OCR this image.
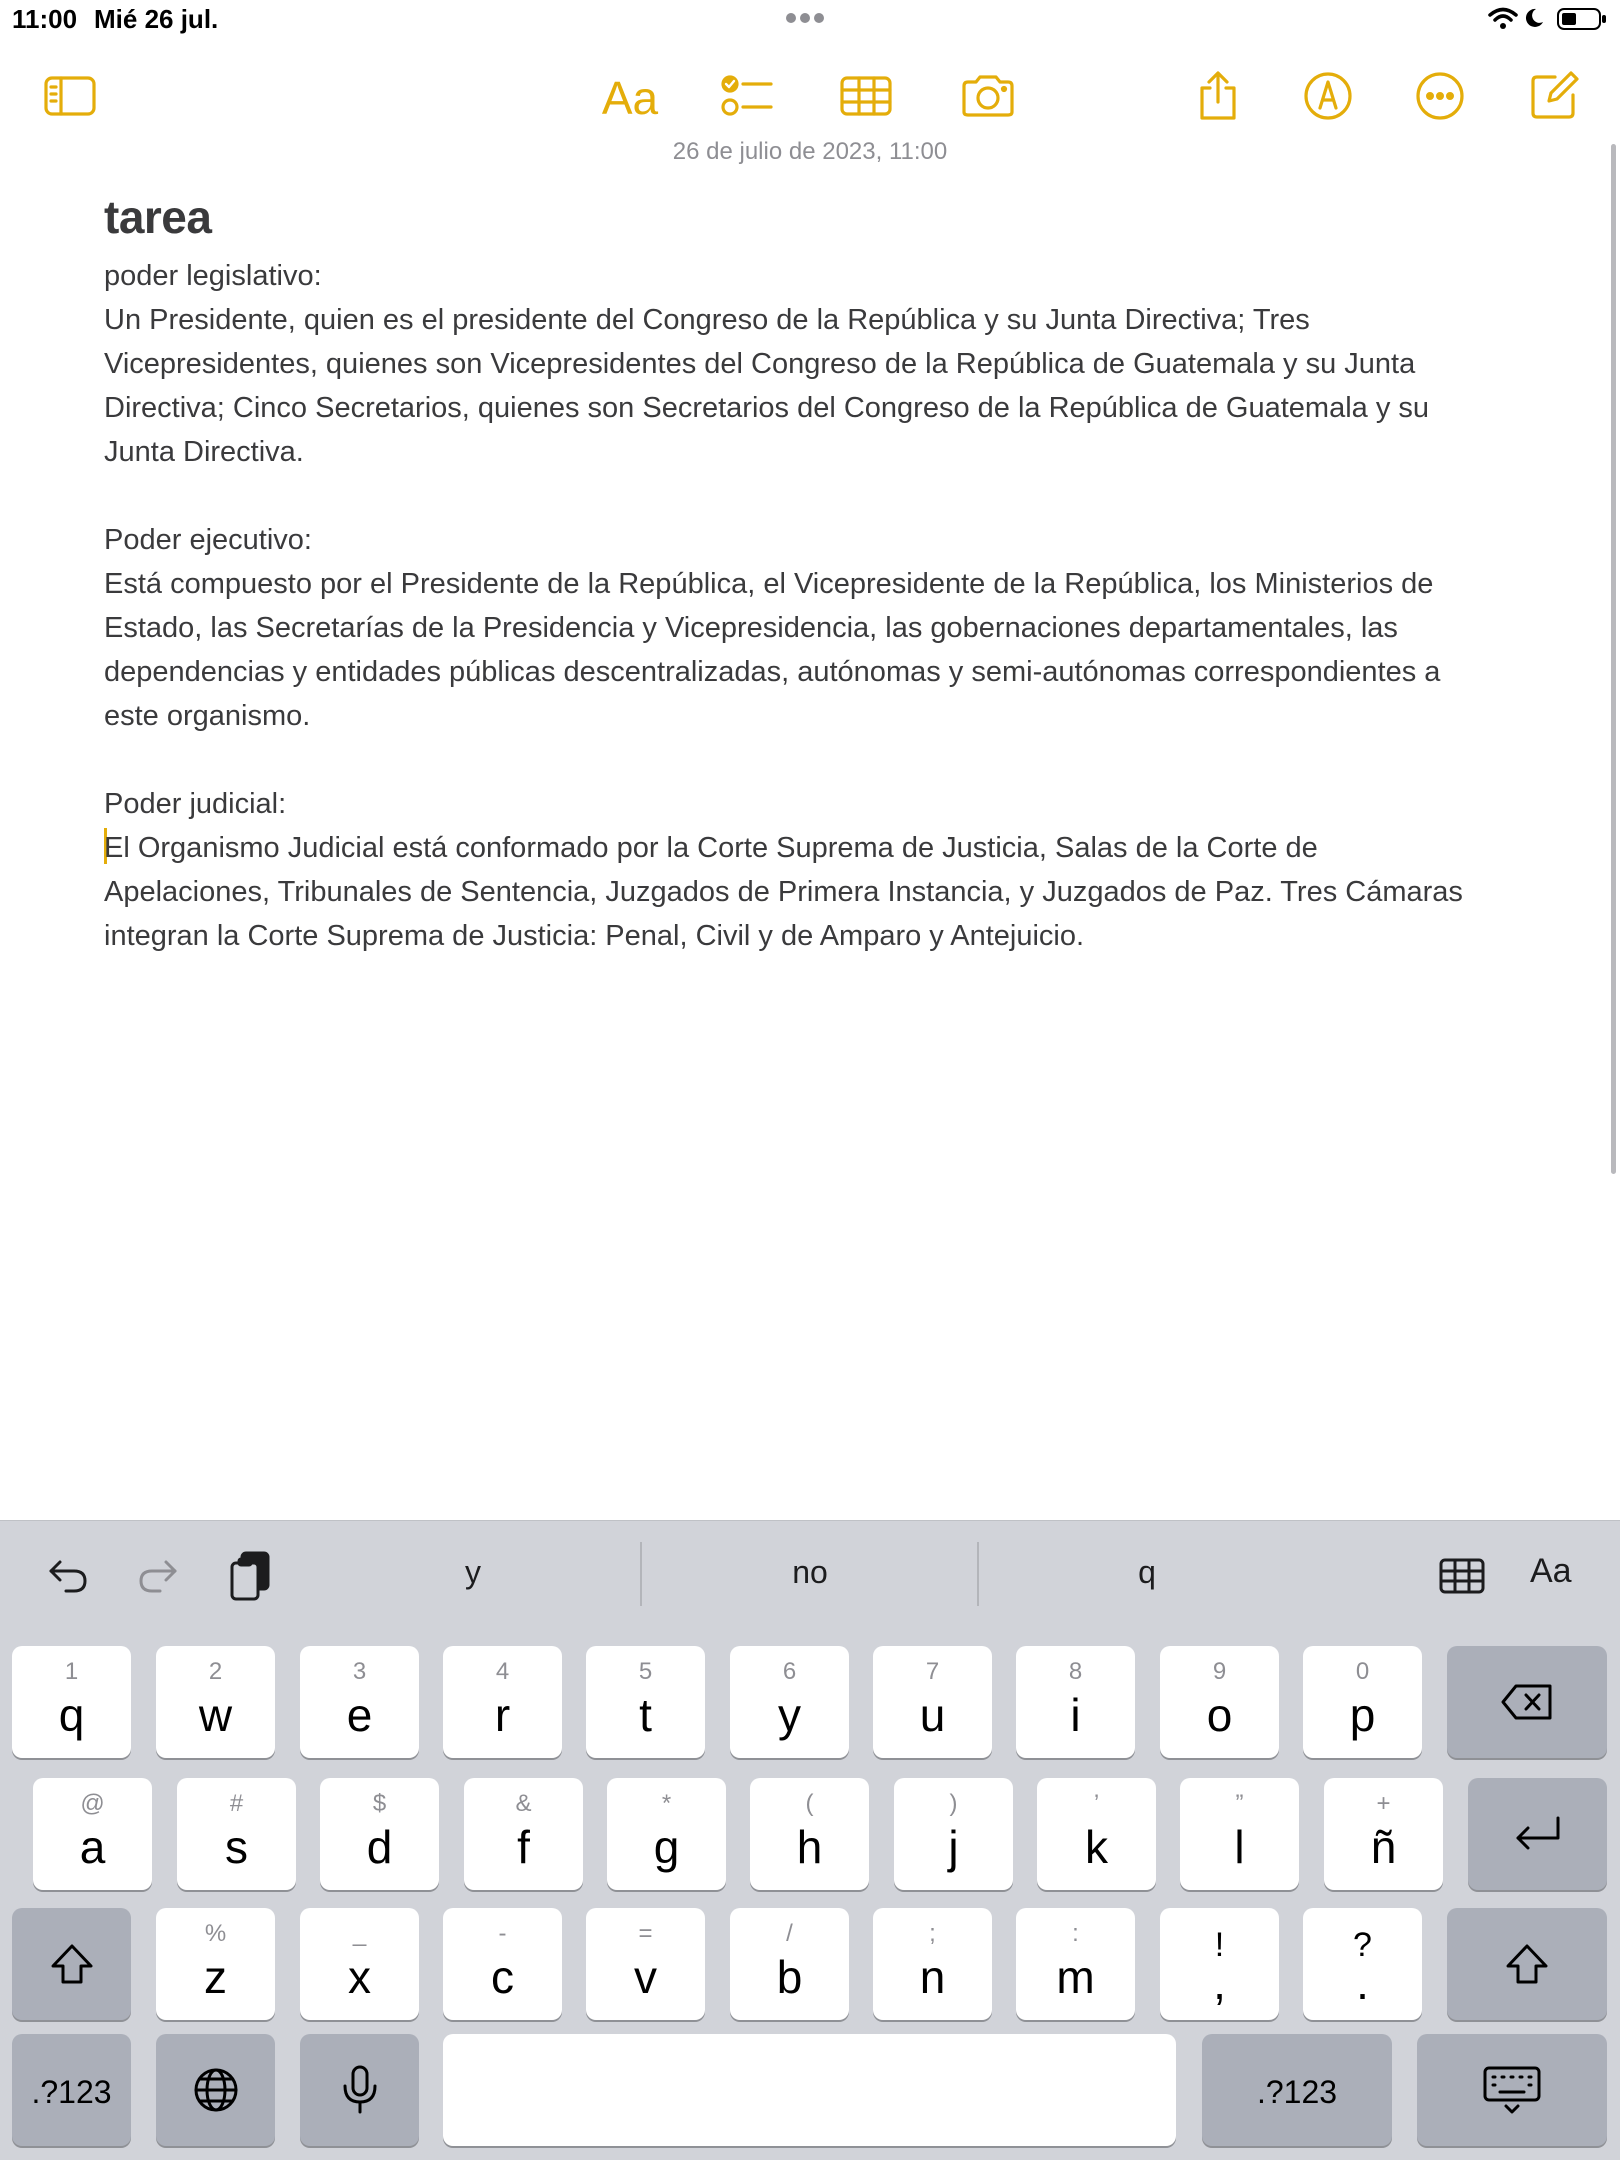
11:00 Mié 26 jul.
Aa
26 de julio de 2023, 11:00
tarea

poder legislativo:

Un Presidente, quien es el presidente del Congreso de la República y su Junta Directiva; Tres Vicepresidentes, quienes son Vicepresidentes del Congreso de la República de Guatemala y su Junta Directiva; Cinco Secretarios, quienes son Secretarios del Congreso de la República de Guatemala y su Junta Directiva.

Poder ejecutivo:

Está compuesto por el Presidente de la República, el Vicepresidente de la República, los Ministerios de Estado, las Secretarías de la Presidencia y Vicepresidencia, las gobernaciones departamentales, las dependencias y entidades públicas descentralizadas, autónomas y semi-autónomas correspondientes a este organismo.

Poder judicial:

El Organismo Judicial está conformado por la Corte Suprema de Justicia, Salas de la Corte de Apelaciones, Tribunales de Sentencia, Juzgados de Primera Instancia, y Juzgados de Paz. Tres Cámaras integran la Corte Suprema de Justicia: Penal, Civil y de Amparo y Antejuicio.

y	no	q	Aa
1
q
2
w
3
e
4
r
5
t
6
y
7
u
8
i
9
o
0
p
@
a
#
s
$
d
&
f
*
g
(
h
)
j
’
k
”
l
+
ñ
%
z
_
x
-
c
=
v
/
b
;
n
:
m
!
,
?
.
.?123	.?123
